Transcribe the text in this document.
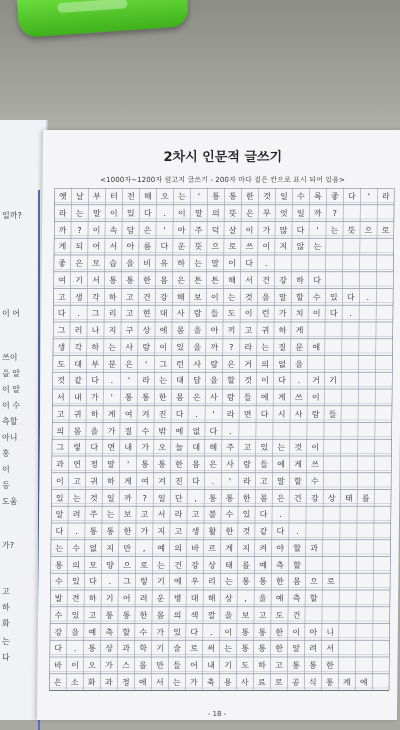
일까?
이 어
쓰이
을 알
이 알
이 수
측할
아니
홍
이
등
도움
가?
고
하
화
는
다
2차시 인문적 글쓰기
<1000자~1200자 원고지 글쓰기 - 200자 마다 짙은 칸으로 표시 되어 있음>
옛	날	부	터	전	해	오	는	'	통	통	한	것	일	수	록	좋	다	'	라
라	는	말	이	있	다	.	이	말	의	뜻	은	무	엇	일	까	?
까	?	이	속	담	은	'	아	주	덕	살	이	가	많	다	'	는	뜻	으	로
게	되	어	서	아	름	다	운	뜻	으	로	쓰	이	지	않	는
좋	은	모	습	을	비	유	하	는	말	이	다	.
여	기	서	통	통	한	몸	은	튼	튼	해	서	건	강	하	다
고	생	각	하	고	건	강	해	보	이	는	것	을	말	할	수	있	다	.
다	.	그	리	고	현	대	사	람	들	도	이	런	가	치	이	다	.
그	러	나	지	구	상	에	몸	을	아	끼	고	귀	하	게
생	각	하	는	사	람	이	있	을	까	?	라	는	질	문	에
도	대	부	분	은	'	그	런	사	람	은	거	의	없	을
것	같	다	.	'	라	는	대	답	을	할	것	이	다	.	거	기
서	내	가	'	통	통	한	몸	은	사	람	들	에	게	쓰	이
고	귀	하	게	여	겨	진	다	.	'	라	면	다	시	사	람	들
의	몸	을	가	질	수	밖	에	없	다	.
그	렇	다	면	내	가	오	늘	대	해	주	고	있	는	것	이
과	연	정	말	'	통	통	한	몸	은	사	람	들	에	게	쓰
이	고	귀	하	게	여	겨	진	다	.	'	라	고	말	할	수
있	는	것	일	까	?	일	단	,	통	통	한	몸	은	건	강	상	태	를
알	려	주	는	보	고	서	라	고	볼	수	있	다	.
다	.	통	통	한	가	지	고	생	활	한	것	같	다	.
는	수	없	지	만	,	예	의	바	르	게	지	켜	야	할	과
통	의	모	양	으	로	는	건	강	상	태	를	예	측	할
수	있	다	.	그	렇	기	에	우	리	는	통	통	한	몸	으	로
발	견	하	기	어	려	운	병	대	해	상	,	을	예	측	할
수	있	고	통	통	한	몸	의	색	깔	을	보	고	도	건
강	을	예	측	할	수	가	있	다	.	이	통	통	한	이	아	니
다	.	통	상	과	학	기	술	로	써	는	통	통	한	알	려	서
바	이	오	가	스	를	만	들	어	내	기	도	하	고	통	통	한
은	소	화	과	정	에	서	는	가	축	용	사	료	로	공	식	통	계	에
- 18 -
